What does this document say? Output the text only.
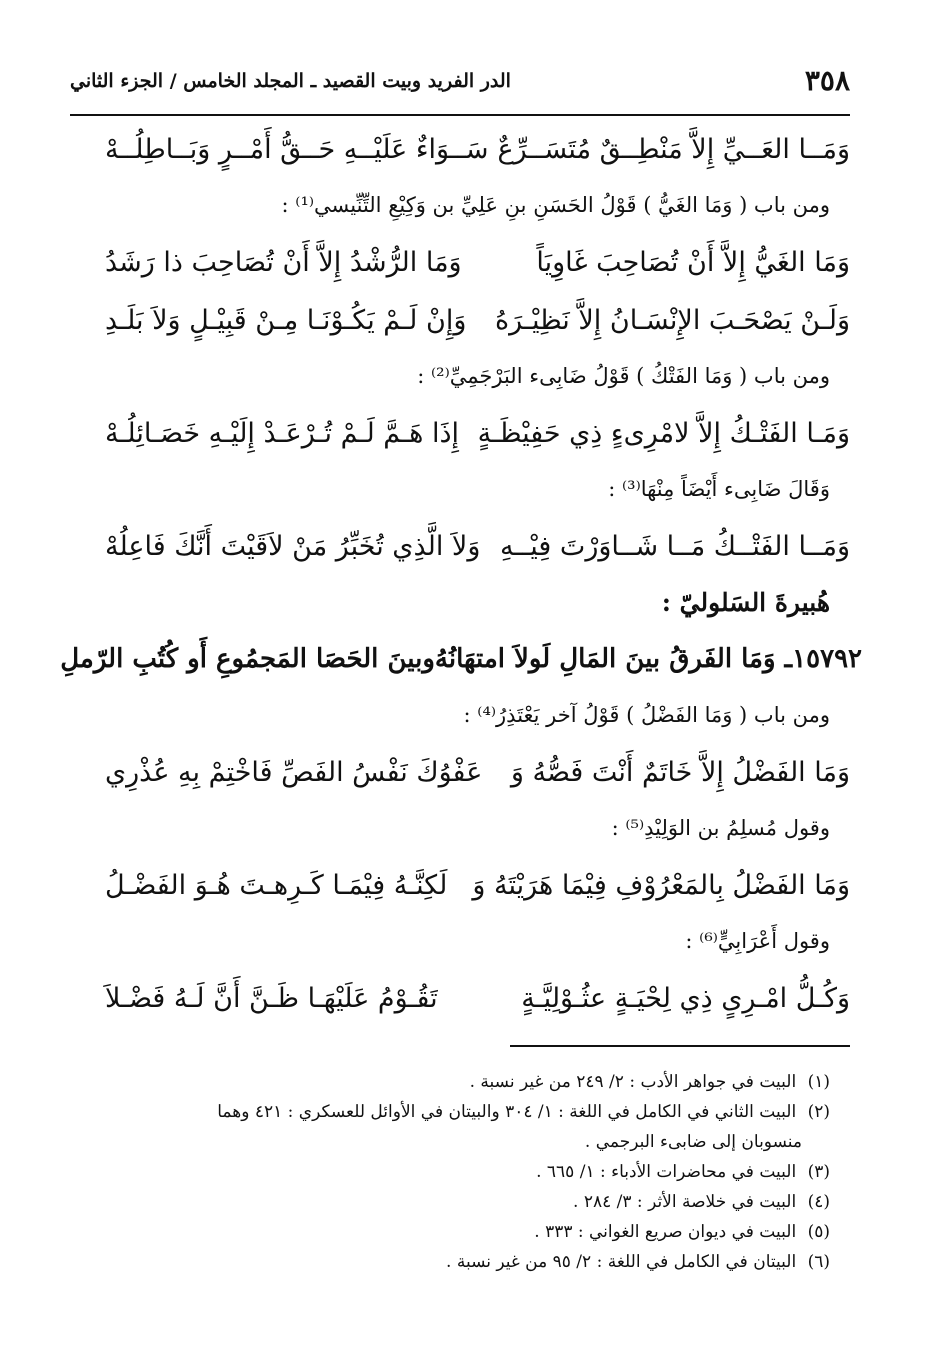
٣٥٨
الدر الفريد وبيت القصيد ـ المجلد الخامس / الجزء الثاني
وَمَــا العَــيِّ إِلاَّ مَنْطِــقٌ مُتَسَــرِّعٌ
سَــوَاءٌ عَلَيْــهِ حَــقُّ أَمْــرٍ وَبَــاطِلُــهْ
ومن باب ( وَمَا الغَيُّ ) قَوْلُ الحَسَنِ بنِ عَلِيِّ بن وَكِيْعِ التِّنِّيسي⁽¹⁾ :
وَمَا الغَيُّ إِلاَّ أَنْ تُصَاحِبَ غَاوِيَاً
وَمَا الرُّشْدُ إِلاَّ أَنْ تُصَاحِبَ ذا رَشَدُ
وَلَـنْ يَصْحَـبَ الإِنْسَـانُ إِلاَّ نَظِيْـرَهُ
وَإِنْ لَـمْ يَكُـوْنَـا مِـنْ قَبِيْـلٍ وَلاَ بَلَـدِ
ومن باب ( وَمَا الفَتْكُ ) قَوْلُ ضَابِىء البَرْجَمِيِّ⁽²⁾ :
وَمَـا الفَتْـكُ إِلاَّ لامْرِىءٍ ذِي حَفِيْظَـةٍ
إِذَا هَـمَّ لَـمْ تُـرْعَـدْ إِلَيْـهِ خَصَـائِلُـهْ
وَقَالَ ضَابِىء أَيْضَاً مِنْهَا⁽³⁾ :
وَمَــا الفَتْــكُ مَــا شَــاوَرْتَ فِيْــهِ
وَلاَ الَّذِي تُخَبِّرُ مَنْ لاَقَيْتَ أَنَّكَ فَاعِلُهْ
هُبيرةَ السَلوليّ :
١٥٧٩٢ـ وَمَا الفَرقُ بينَ المَالِ لَولاَ امتهَانُهُ
وبينَ الحَصَا المَجمُوعِ أَو كُتُبِ الرّملِ
ومن باب ( وَمَا الفَضْلُ ) قَوْلُ آخر يَعْتَذِرُ⁽⁴⁾ :
وَمَا الفَضْلُ إِلاَّ خَاتَمٌ أَنْتَ فَصُّهُ وَ
عَفْوُكَ نَفْسُ الفَصِّ فَاخْتِمْ بِهِ عُذْرِي
وقول مُسلِمُ بن الوَلِيْدِ⁽⁵⁾ :
وَمَا الفَضْلُ بِالمَعْرُوْفِ فِيْمَا هَرَيْتَهُ وَ
لَكِنَّـهُ فِيْمَـا كَـرِهـتَ هُـوَ الفَضْـلُ
وقول أَعْرَابِيٍّ⁽⁶⁾ :
وَكُـلُّ امْـرِىٍ ذِي لِحْيَـةٍ عثُـوْلِيَّـةٍ
تَقُـوْمُ عَلَيْهَـا ظَـنَّ أَنَّ لَـهُ فَضْـلاَ
(١) البيت في جواهر الأدب : ٢/ ٢٤٩ من غير نسبة .
(٢) البيت الثاني في الكامل في اللغة : ١/ ٣٠٤ والبيتان في الأوائل للعسكري : ٤٢١ وهما
منسوبان إلى ضابىء البرجمي .
(٣) البيت في محاضرات الأدباء : ١/ ٦٦٥ .
(٤) البيت في خلاصة الأثر : ٣/ ٢٨٤ .
(٥) البيت في ديوان صريع الغواني : ٣٣٣ .
(٦) البيتان في الكامل في اللغة : ٢/ ٩٥ من غير نسبة .
